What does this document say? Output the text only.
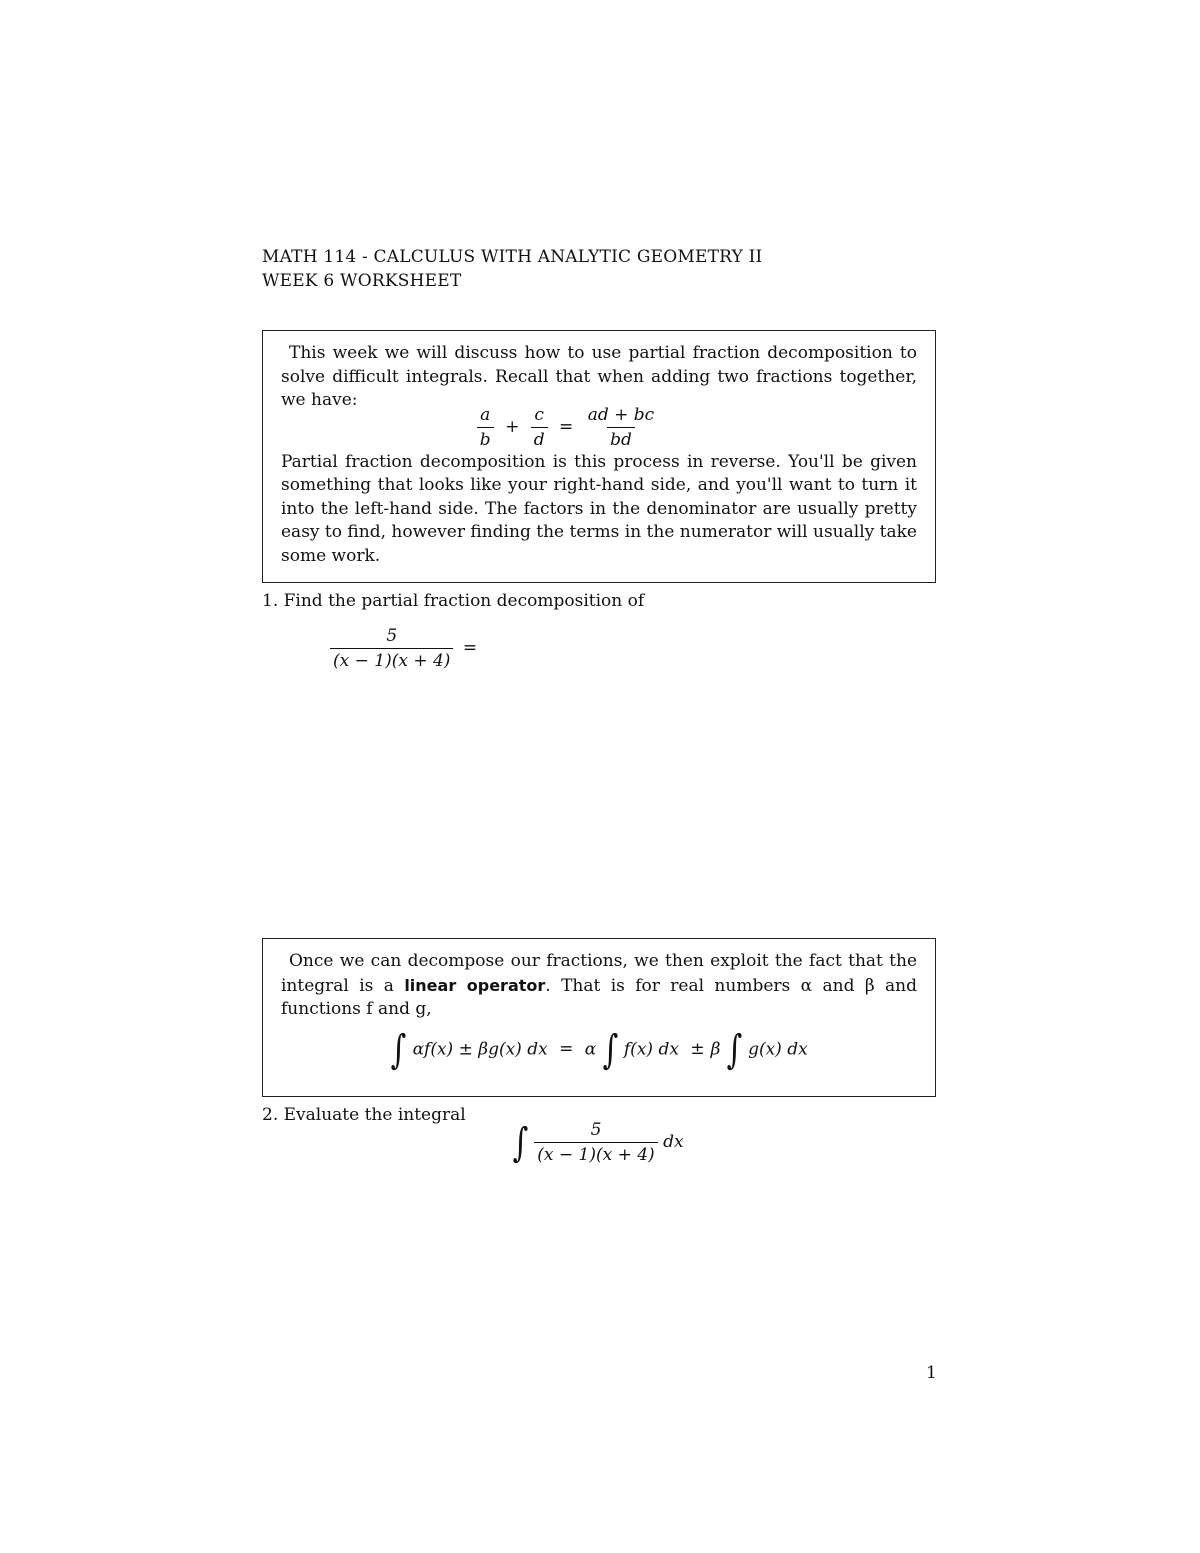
MATH 114 - CALCULUS WITH ANALYTIC GEOMETRY II
WEEK 6 WORKSHEET
This week we will discuss how to use partial fraction decomposition to solve difficult integrals. Recall that when adding two fractions together, we have:
$\frac{a}{b} + \frac{c}{d} = \frac{ad + bc}{bd}$
Partial fraction decomposition is this process in reverse. You'll be given something that looks like your right-hand side, and you'll want to turn it into the left-hand side. The factors in the denominator are usually pretty easy to find, however finding the terms in the numerator will usually take some work.
1. Find the partial fraction decomposition of
$\frac{5}{(x - 1)(x + 4)}$ =
Once we can decompose our fractions, we then exploit the fact that the integral is a linear operator. That is for real numbers α and β and functions f and g,
∫ αf(x) ± βg(x) dx = α ∫ f(x) dx ± β ∫ g(x) dx
2. Evaluate the integral
∫ $\frac{5}{(x - 1)(x + 4)}$ dx
1
